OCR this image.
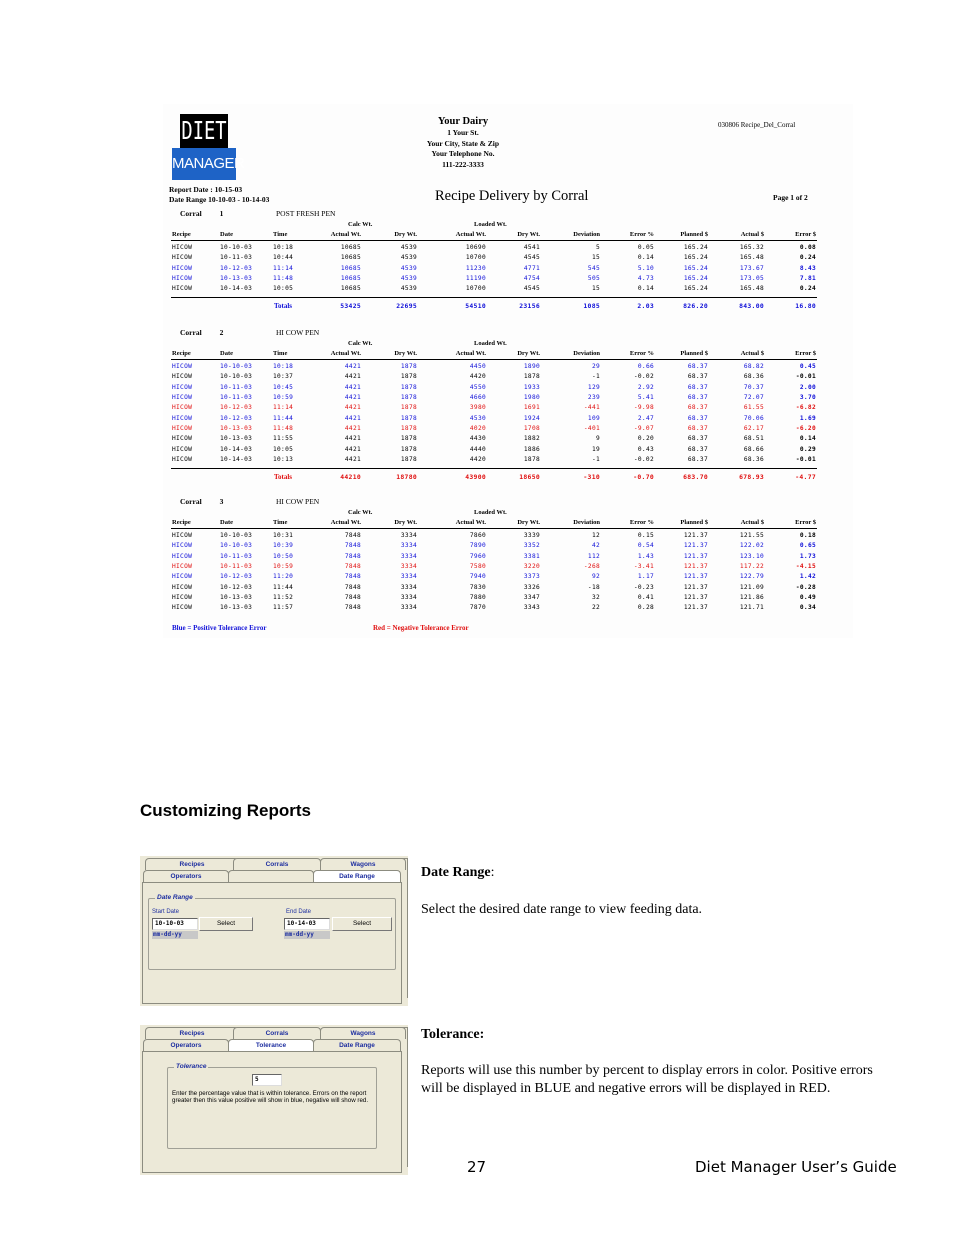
DIET
MANAGER
Your Dairy
1 Your St.
Your City, State & Zip
Your Telephone No.
111-222-3333
030806 Recipe_Del_Corral
Report Date : 10-15-03
Date Range 10-10-03 - 10-14-03	Recipe Delivery by Corral	Page 1 of 2
Corral 1	POST FRESH PEN
Calc Wt.	Loaded Wt.
Recipe	Date	Time	Actual Wt.	Dry Wt.	Actual Wt.	Dry Wt.	Deviation	Error %	Planned $	Actual $	Error $
HICOW	10-10-03	10:18	10685	4539	10690	4541	5	0.05	165.24	165.32	0.08
HICOW	10-11-03	10:44	10685	4539	10700	4545	15	0.14	165.24	165.48	0.24
HICOW	10-12-03	11:14	10685	4539	11230	4771	545	5.10	165.24	173.67	8.43
HICOW	10-13-03	11:48	10685	4539	11190	4754	505	4.73	165.24	173.05	7.81
HICOW	10-14-03	10:05	10685	4539	10700	4545	15	0.14	165.24	165.48	0.24
Totals	53425	22695	54510	23156	1085	2.03	826.20	843.00	16.80
Corral 2	HI COW PEN
Calc Wt.	Loaded Wt.
Recipe	Date	Time	Actual Wt.	Dry Wt.	Actual Wt.	Dry Wt.	Deviation	Error %	Planned $	Actual $	Error $
HICOW	10-10-03	10:18	4421	1878	4450	1890	29	0.66	68.37	68.82	0.45
HICOW	10-10-03	10:37	4421	1878	4420	1878	-1	-0.02	68.37	68.36	-0.01
HICOW	10-11-03	10:45	4421	1878	4550	1933	129	2.92	68.37	70.37	2.00
HICOW	10-11-03	10:59	4421	1878	4660	1980	239	5.41	68.37	72.07	3.70
HICOW	10-12-03	11:14	4421	1878	3980	1691	-441	-9.98	68.37	61.55	-6.82
HICOW	10-12-03	11:44	4421	1878	4530	1924	109	2.47	68.37	70.06	1.69
HICOW	10-13-03	11:48	4421	1878	4020	1708	-401	-9.07	68.37	62.17	-6.20
HICOW	10-13-03	11:55	4421	1878	4430	1882	9	0.20	68.37	68.51	0.14
HICOW	10-14-03	10:05	4421	1878	4440	1886	19	0.43	68.37	68.66	0.29
HICOW	10-14-03	10:13	4421	1878	4420	1878	-1	-0.02	68.37	68.36	-0.01
Totals	44210	18780	43900	18650	-310	-0.70	683.70	678.93	-4.77
Corral 3	HI COW PEN
Calc Wt.	Loaded Wt.
Recipe	Date	Time	Actual Wt.	Dry Wt.	Actual Wt.	Dry Wt.	Deviation	Error %	Planned $	Actual $	Error $
HICOW	10-10-03	10:31	7848	3334	7860	3339	12	0.15	121.37	121.55	0.18
HICOW	10-10-03	10:39	7848	3334	7890	3352	42	0.54	121.37	122.02	0.65
HICOW	10-11-03	10:50	7848	3334	7960	3381	112	1.43	121.37	123.10	1.73
HICOW	10-11-03	10:59	7848	3334	7580	3220	-268	-3.41	121.37	117.22	-4.15
HICOW	10-12-03	11:20	7848	3334	7940	3373	92	1.17	121.37	122.79	1.42
HICOW	10-12-03	11:44	7848	3334	7830	3326	-18	-0.23	121.37	121.09	-0.28
HICOW	10-13-03	11:52	7848	3334	7880	3347	32	0.41	121.37	121.86	0.49
HICOW	10-13-03	11:57	7848	3334	7870	3343	22	0.28	121.37	121.71	0.34
Blue = Positive Tolerance Error	Red = Negative Tolerance Error
Customizing Reports
Recipes	Corrals	Wagons
Operators	Date Range
Date Range
Start Date
10-10-03	Select
mm-dd-yy
End Date
10-14-03	Select
mm-dd-yy
Recipes	Corrals	Wagons
Operators	Tolerance	Date Range
Tolerance
5
Enter the percentage value that is within tolerance. Errors on the report greater then this value positive will show in blue, negative will show red.
Date Range:
Select the desired date range to view feeding data.
Tolerance:
Reports will use this number by percent to display errors in color. Positive errors will be displayed in BLUE and negative errors will be displayed in RED.
27	Diet Manager User’s Guide
